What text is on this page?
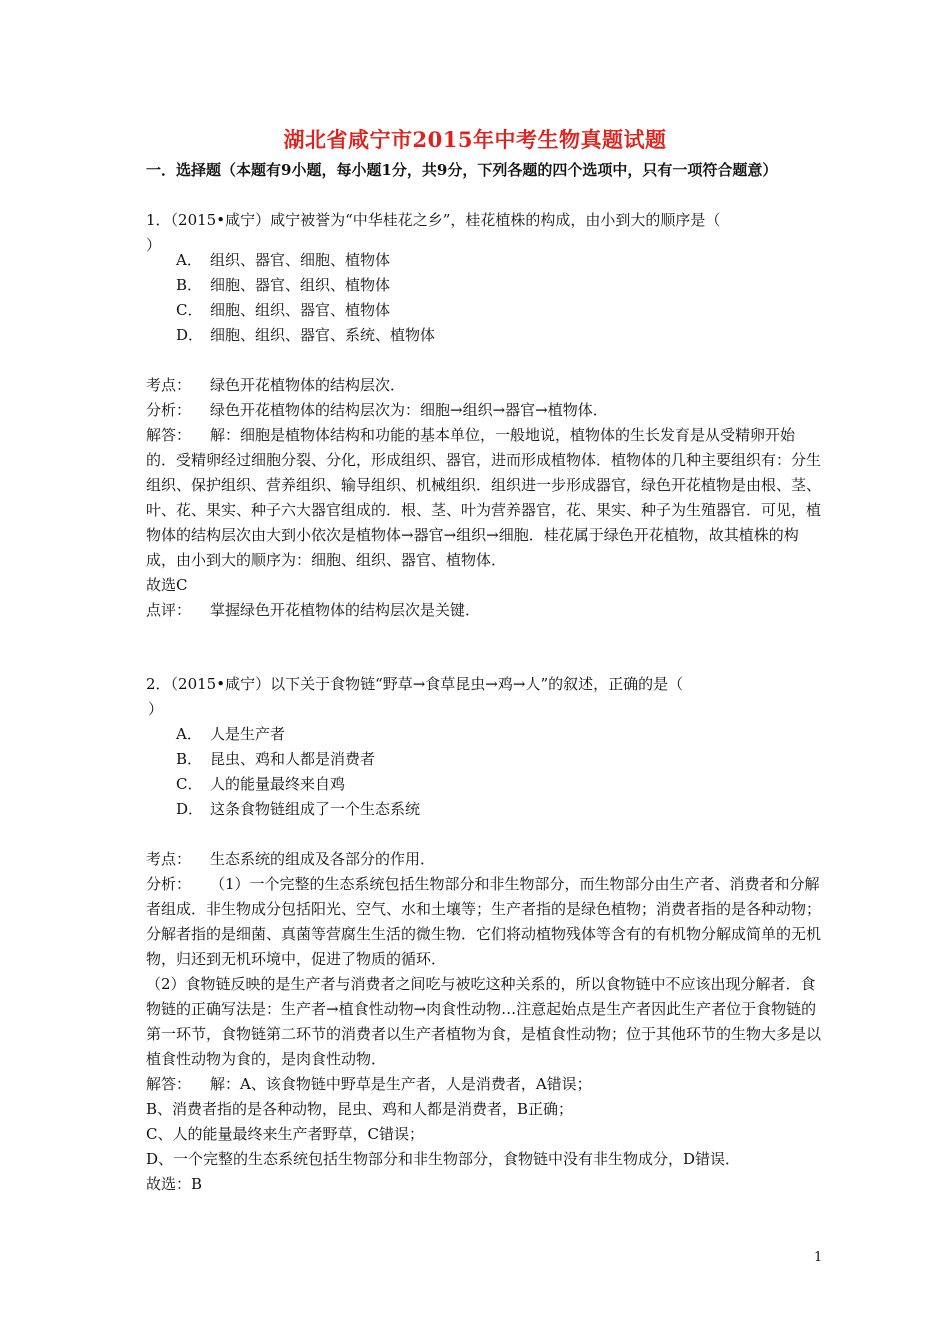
湖北省咸宁市2015年中考生物真题试题
一．选择题（本题有9小题，每小题1分，共9分，下列各题的四个选项中，只有一项符合题意）
1．（2015•咸宁）咸宁被誉为“中华桂花之乡”，桂花植株的构成，由小到大的顺序是（
）
A． 组织、器官、细胞、植物体
B． 细胞、器官、组织、植物体
C． 细胞、组织、器官、植物体
D． 细胞、组织、器官、系统、植物体
考点： 绿色开花植物体的结构层次．
分析： 绿色开花植物体的结构层次为：细胞→组织→器官→植物体．
解答： 解：细胞是植物体结构和功能的基本单位，一般地说，植物体的生长发育是从受精卵开始的．受精卵经过细胞分裂、分化，形成组织、器官，进而形成植物体．植物体的几种主要组织有：分生组织、保护组织、营养组织、输导组织、机械组织．组织进一步形成器官，绿色开花植物是由根、茎、叶、花、果实、种子六大器官组成的．根、茎、叶为营养器官，花、果实、种子为生殖器官．可见，植物体的结构层次由大到小依次是植物体→器官→组织→细胞．桂花属于绿色开花植物，故其植株的构成，由小到大的顺序为：细胞、组织、器官、植物体．
故选C
点评： 掌握绿色开花植物体的结构层次是关键．
2．（2015•咸宁）以下关于食物链“野草→食草昆虫→鸡→人”的叙述，正确的是（
）
A． 人是生产者
B． 昆虫、鸡和人都是消费者
C． 人的能量最终来自鸡
D． 这条食物链组成了一个生态系统
考点： 生态系统的组成及各部分的作用．
分析： （1）一个完整的生态系统包括生物部分和非生物部分，而生物部分由生产者、消费者和分解者组成．非生物成分包括阳光、空气、水和土壤等；生产者指的是绿色植物；消费者指的是各种动物；分解者指的是细菌、真菌等营腐生生活的微生物．它们将动植物残体等含有的有机物分解成简单的无机物，归还到无机环境中，促进了物质的循环．
（2）食物链反映的是生产者与消费者之间吃与被吃这种关系的，所以食物链中不应该出现分解者．食物链的正确写法是：生产者→植食性动物→肉食性动物…注意起始点是生产者因此生产者位于食物链的第一环节，食物链第二环节的消费者以生产者植物为食，是植食性动物；位于其他环节的生物大多是以植食性动物为食的，是肉食性动物．
解答： 解：A、该食物链中野草是生产者，人是消费者，A错误；
B、消费者指的是各种动物，昆虫、鸡和人都是消费者，B正确；
C、人的能量最终来生产者野草，C错误；
D、一个完整的生态系统包括生物部分和非生物部分，食物链中没有非生物成分，D错误．
故选：B
1
